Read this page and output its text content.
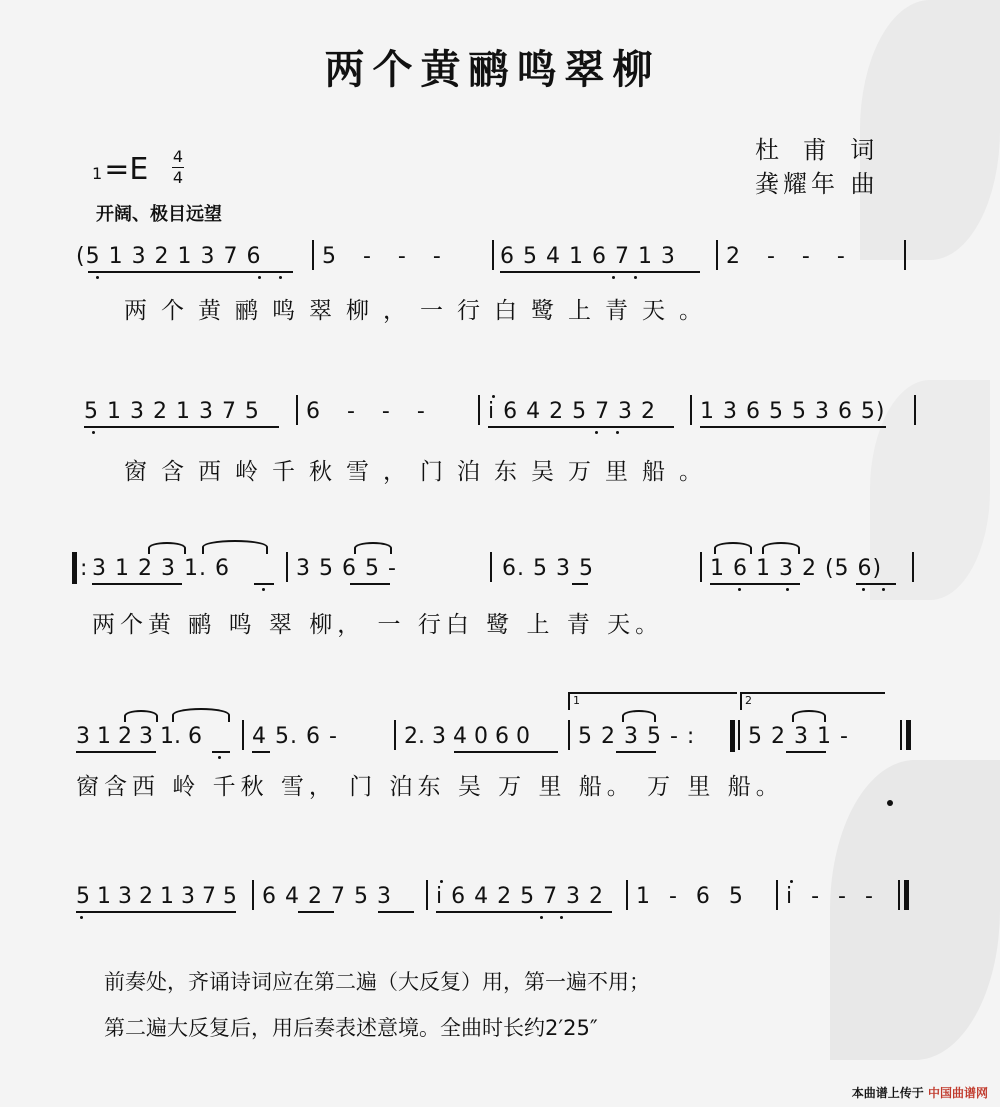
两个黄鹂鸣翠柳
1=E 4
4
开阔、极目远望
杜 甫 词
龚耀年 曲
(5 1 3 2 1 3 7 6	5 - - - 6 5 4 1 6 7 1 3 2 - - -
两个黄鹂鸣翠柳，一行白鹭上青天。
5 1 3 2 1 3 7 5 6 - - - i 6 4 2 5 7 3 2 1 3 6 5 5 3 6 5)
窗含西岭千秋雪，门泊东吴万里船。
: 3 1 2 3 1. 6	3 5 6 5 -	6. 5 3 5	1 6 1 3 2 (5 6)
两个黄 鹂 鸣 翠 柳， 一 行白 鹭 上 青 天。
1	2
3 1 2 3 1. 6 4 5. 6 -	2. 3 4 0 6 0 5 2 3 5 - : 5 2 3 1 -
窗含西 岭 千秋 雪， 门 泊东 吴 万 里 船。 万 里 船。
5 1 3 2 1 3 7 5 6 4 2 7 5 3 i 6 4 2 5 7 3 2 1 - 6 5 i - - -
前奏处，齐诵诗词应在第二遍（大反复）用，第一遍不用；
第二遍大反复后，用后奏表述意境。全曲时长约2′25″
本曲谱上传于 中国曲谱网
